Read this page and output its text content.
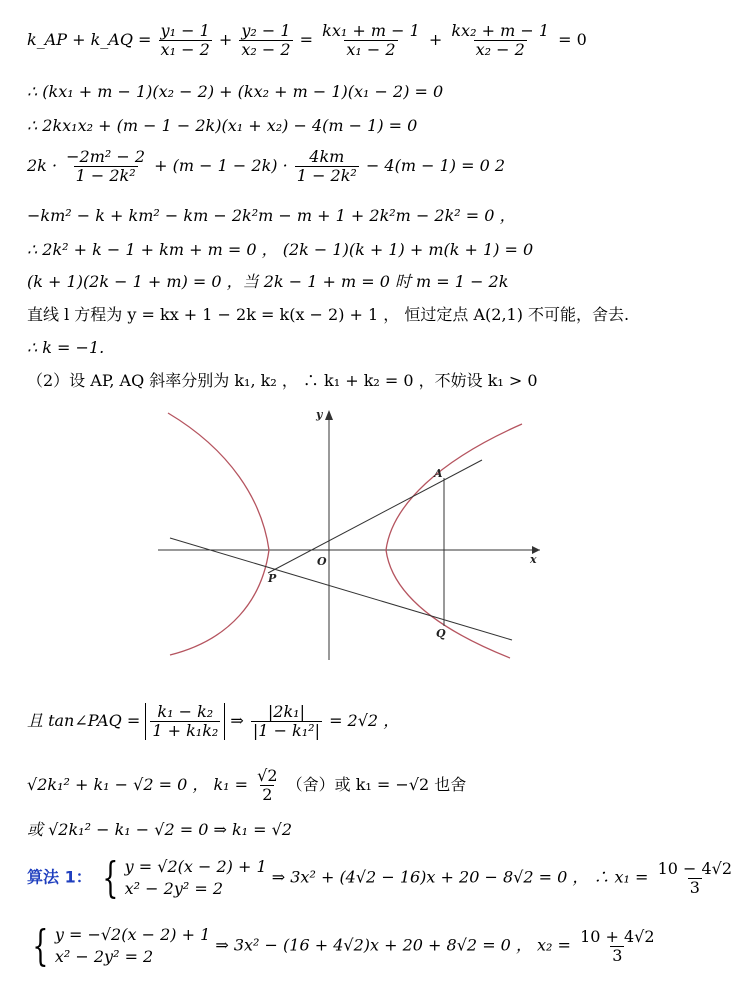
k_AP + k_AQ = $\frac{\text{y₁ − 1}}{\text{x₁ − 2}} + \frac{\text{y₂ − 1}}{\text{x₂ − 2}} = \frac{\text{kx₁ + m − 1}}{\text{x₁ − 2}} + \frac{\text{kx₂ + m − 1}}{\text{x₂ − 2}} = 0$
∴ (kx₁ + m − 1)(x₂ − 2) + (kx₂ + m − 1)(x₁ − 2) = 0
∴ 2kx₁x₂ + (m − 1 − 2k)(x₁ + x₂) − 4(m − 1) = 0
$2k \cdot \frac{\text{−2m² − 2}}{\text{1 − 2k²}} + (m - 1 - 2k) \cdot \frac{4km}{\text{1 − 2k²}} - 4(m - 1) = 0$ 2
−km² − k + km² − km − 2k²m − m + 1 + 2k²m − 2k² = 0 ，
∴ 2k² + k − 1 + km + m = 0 ， (2k − 1)(k + 1) + m(k + 1) = 0
(k + 1)(2k − 1 + m) = 0 ，当 2k − 1 + m = 0 时 m = 1 − 2k
直线 l 方程为 y = kx + 1 − 2k = k(x − 2) + 1 ， 恒过定点 A(2,1) 不可能，舍去.
∴ k = −1.
（2）设 AP, AQ 斜率分别为 k₁, k₂ ， ∴ k₁ + k₂ = 0 ，不妨设 k₁ > 0
y
x
O
A
P
Q
且 tan∠PAQ = $\frac{\text{k₁ − k₂}}{\text{1 + k₁k₂}}$ ⇒ $\frac{\text{|2k₁|}}{\text{|1 − k₁²|}} = 2√2$ ，
√2k₁² + k₁ − √2 = 0 ， $k_1 = \frac{√2}{2}$ （舍）或 k₁ = −√2 也舍
或 √2k₁² − k₁ − √2 = 0 ⇒ k₁ = √2
算法 1： { y = √2(x − 2) + 1
x² − 2y² = 2
⇒ 3x² + (4√2 − 16)x + 20 − 8√2 = 0 ， ∴ $x_1 = \frac{10 - 4√2}{3}$
{ y = −√2(x − 2) + 1
x² − 2y² = 2
⇒ 3x² − (16 + 4√2)x + 20 + 8√2 = 0 ， $x_2 = \frac{10 + 4√2}{3}$
